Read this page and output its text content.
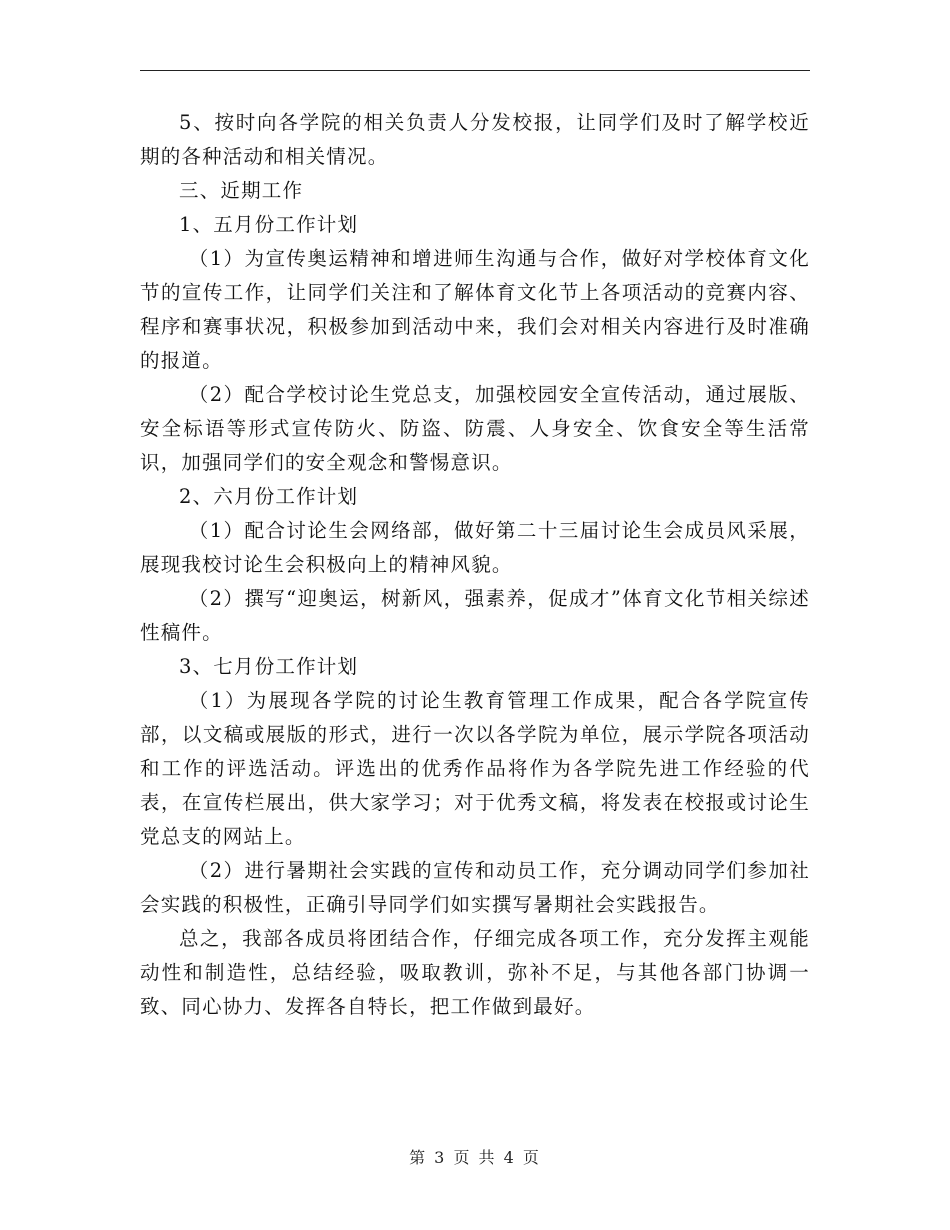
5、按时向各学院的相关负责人分发校报，让同学们及时了解学校近期的各种活动和相关情况。

三、近期工作

1、五月份工作计划

（1）为宣传奥运精神和增进师生沟通与合作，做好对学校体育文化节的宣传工作，让同学们关注和了解体育文化节上各项活动的竞赛内容、程序和赛事状况，积极参加到活动中来，我们会对相关内容进行及时准确的报道。

（2）配合学校讨论生党总支，加强校园安全宣传活动，通过展版、安全标语等形式宣传防火、防盗、防震、人身安全、饮食安全等生活常识，加强同学们的安全观念和警惕意识。

2、六月份工作计划

（1）配合讨论生会网络部，做好第二十三届讨论生会成员风采展，展现我校讨论生会积极向上的精神风貌。

（2）撰写“迎奥运，树新风，强素养，促成才”体育文化节相关综述性稿件。

3、七月份工作计划

（1）为展现各学院的讨论生教育管理工作成果，配合各学院宣传部，以文稿或展版的形式，进行一次以各学院为单位，展示学院各项活动和工作的评选活动。评选出的优秀作品将作为各学院先进工作经验的代表，在宣传栏展出，供大家学习；对于优秀文稿，将发表在校报或讨论生党总支的网站上。

（2）进行暑期社会实践的宣传和动员工作，充分调动同学们参加社会实践的积极性，正确引导同学们如实撰写暑期社会实践报告。

总之，我部各成员将团结合作，仔细完成各项工作，充分发挥主观能动性和制造性，总结经验，吸取教训，弥补不足，与其他各部门协调一致、同心协力、发挥各自特长，把工作做到最好。

第 3 页 共 4 页
